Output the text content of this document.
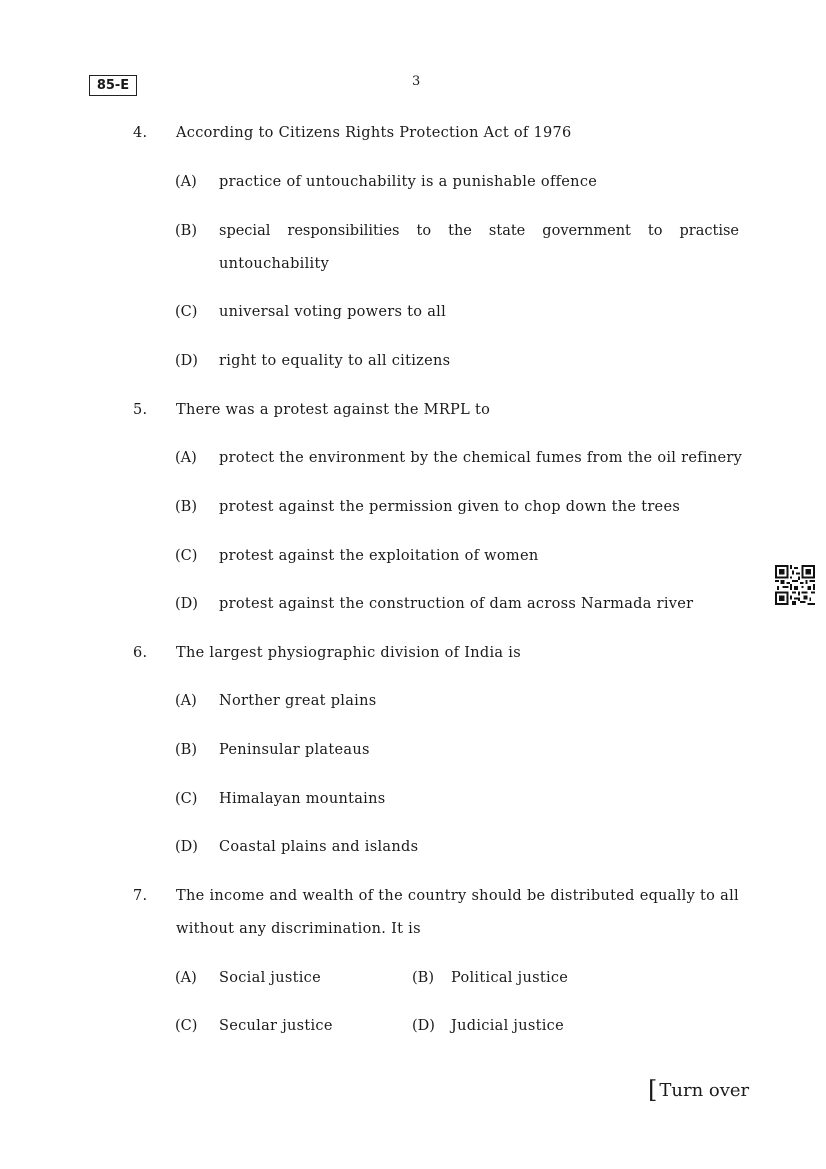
85-E	3
4. According to Citizens Rights Protection Act of 1976
(A) practice of untouchability is a punishable offence
(B) special responsibilities to the state government to practise
untouchability
(C) universal voting powers to all
(D) right to equality to all citizens
5. There was a protest against the MRPL to
(A) protect the environment by the chemical fumes from the oil refinery
(B) protest against the permission given to chop down the trees
(C) protest against the exploitation of women
(D) protest against the construction of dam across Narmada river
6. The largest physiographic division of India is
(A) Norther great plains
(B) Peninsular plateaus
(C) Himalayan mountains
(D) Coastal plains and islands
7. The income and wealth of the country should be distributed equally to all
without any discrimination. It is
(A) Social justice	(B) Political justice
(C) Secular justice	(D) Judicial justice
[ Turn over
